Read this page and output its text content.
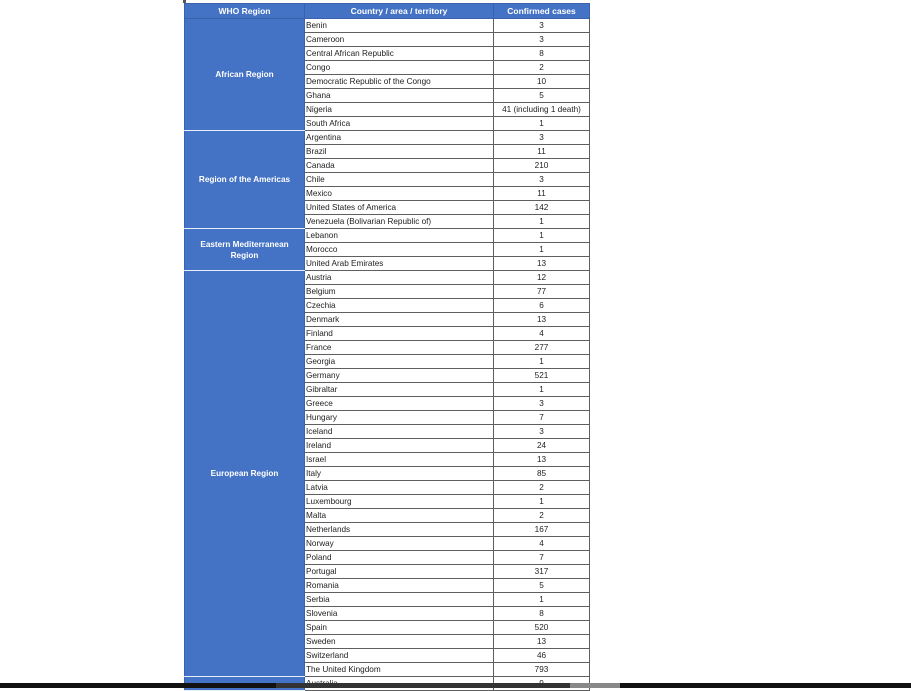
WHO Region	Country / area / territory	Confirmed cases
African Region	Benin	3
	Cameroon	3
	Central African Republic	8
	Congo	2
	Democratic Republic of the Congo	10
	Ghana	5
	Nigeria	41 (including 1 death)
	South Africa	1
Region of the Americas	Argentina	3
	Brazil	11
	Canada	210
	Chile	3
	Mexico	11
	United States of America	142
	Venezuela (Bolivarian Republic of)	1
Eastern Mediterranean Region	Lebanon	1
	Morocco	1
	United Arab Emirates	13
European Region	Austria	12
	Belgium	77
	Czechia	6
	Denmark	13
	Finland	4
	France	277
	Georgia	1
	Germany	521
	Gibraltar	1
	Greece	3
	Hungary	7
	Iceland	3
	Ireland	24
	Israel	13
	Italy	85
	Latvia	2
	Luxembourg	1
	Malta	2
	Netherlands	167
	Norway	4
	Poland	7
	Portugal	317
	Romania	5
	Serbia	1
	Slovenia	8
	Spain	520
	Sweden	13
	Switzerland	46
	The United Kingdom	793
